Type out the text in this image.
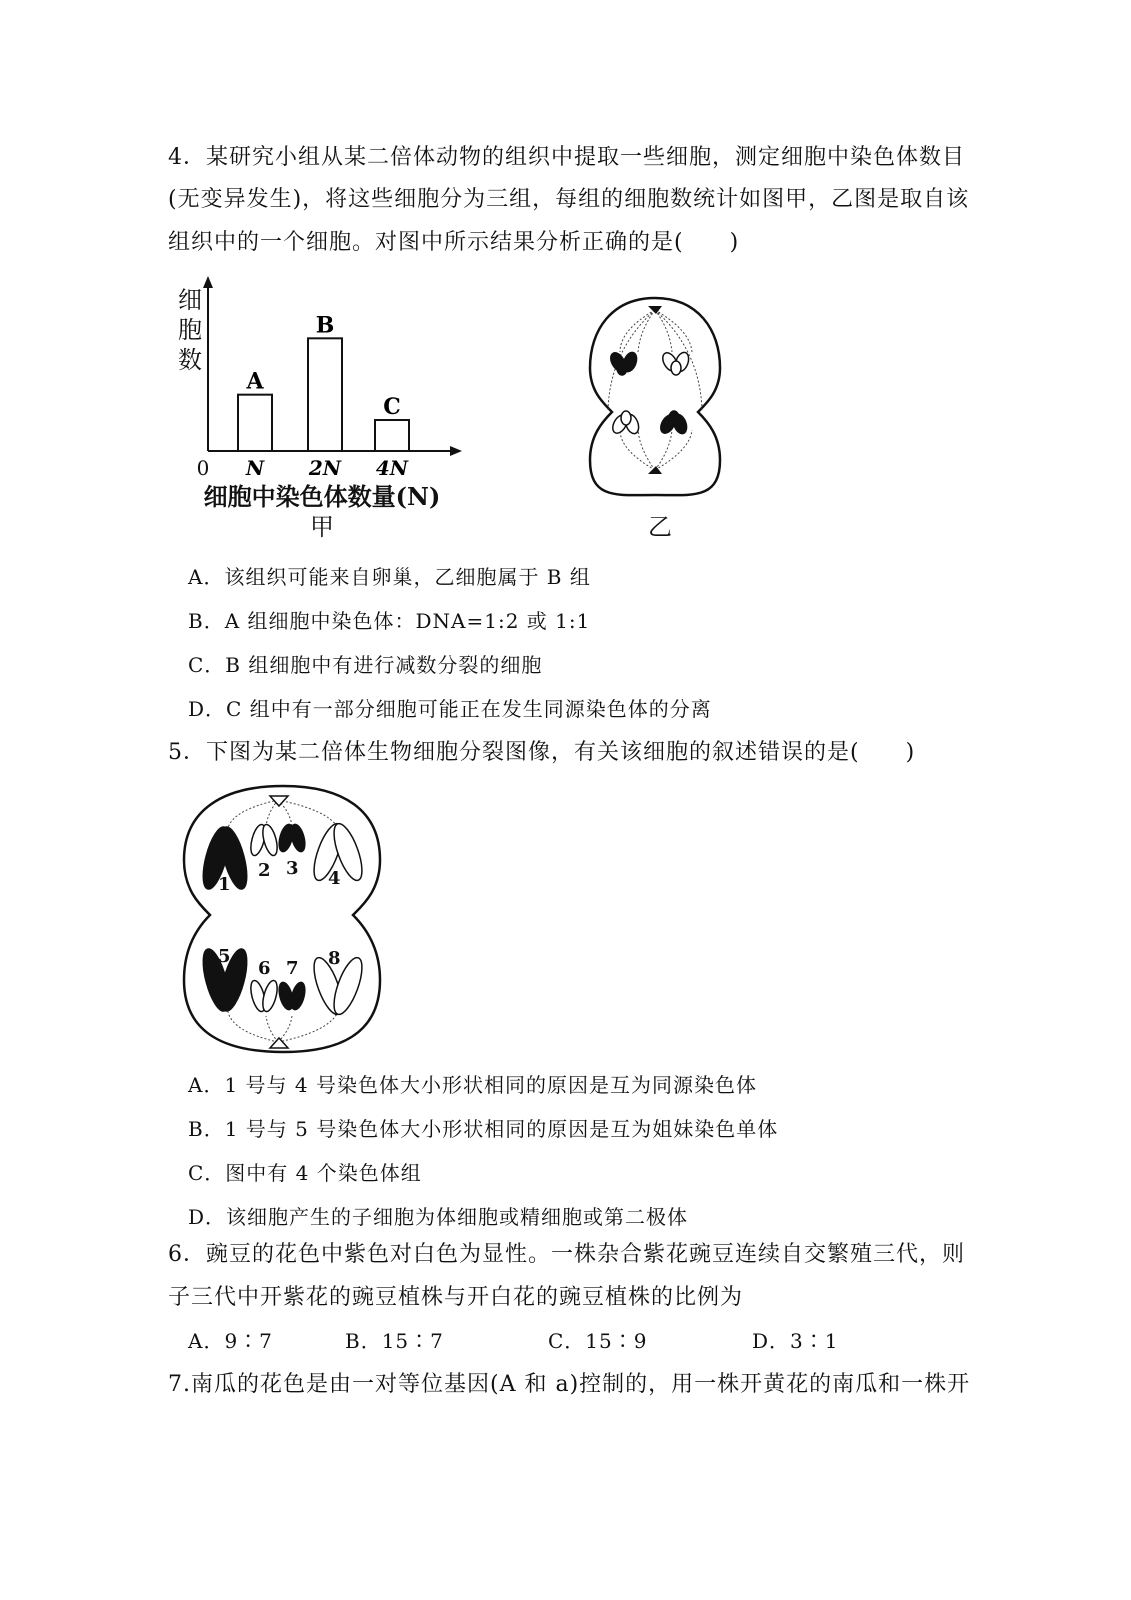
4．某研究小组从某二倍体动物的组织中提取一些细胞，测定细胞中染色体数目
(无变异发生)，将这些细胞分为三组，每组的细胞数统计如图甲，乙图是取自该
组织中的一个细胞。对图中所示结果分析正确的是(　　)
细胞数
0
A
N
B
2N
C
4N
细胞中染色体数量(N)
甲	乙
A．该组织可能来自卵巢，乙细胞属于 B 组
B．A 组细胞中染色体：DNA=1:2 或 1:1
C．B 组细胞中有进行减数分裂的细胞
D．C 组中有一部分细胞可能正在发生同源染色体的分离
5．下图为某二倍体生物细胞分裂图像，有关该细胞的叙述错误的是(　　)
1
2 3 4
5
6 7 8
A．1 号与 4 号染色体大小形状相同的原因是互为同源染色体
B．1 号与 5 号染色体大小形状相同的原因是互为姐妹染色单体
C．图中有 4 个染色体组
D．该细胞产生的子细胞为体细胞或精细胞或第二极体
6．豌豆的花色中紫色对白色为显性。一株杂合紫花豌豆连续自交繁殖三代，则
子三代中开紫花的豌豆植株与开白花的豌豆植株的比例为
A．9∶7	B．15∶7	C．15∶9	D．3∶1
7.南瓜的花色是由一对等位基因(A 和 a)控制的，用一株开黄花的南瓜和一株开
